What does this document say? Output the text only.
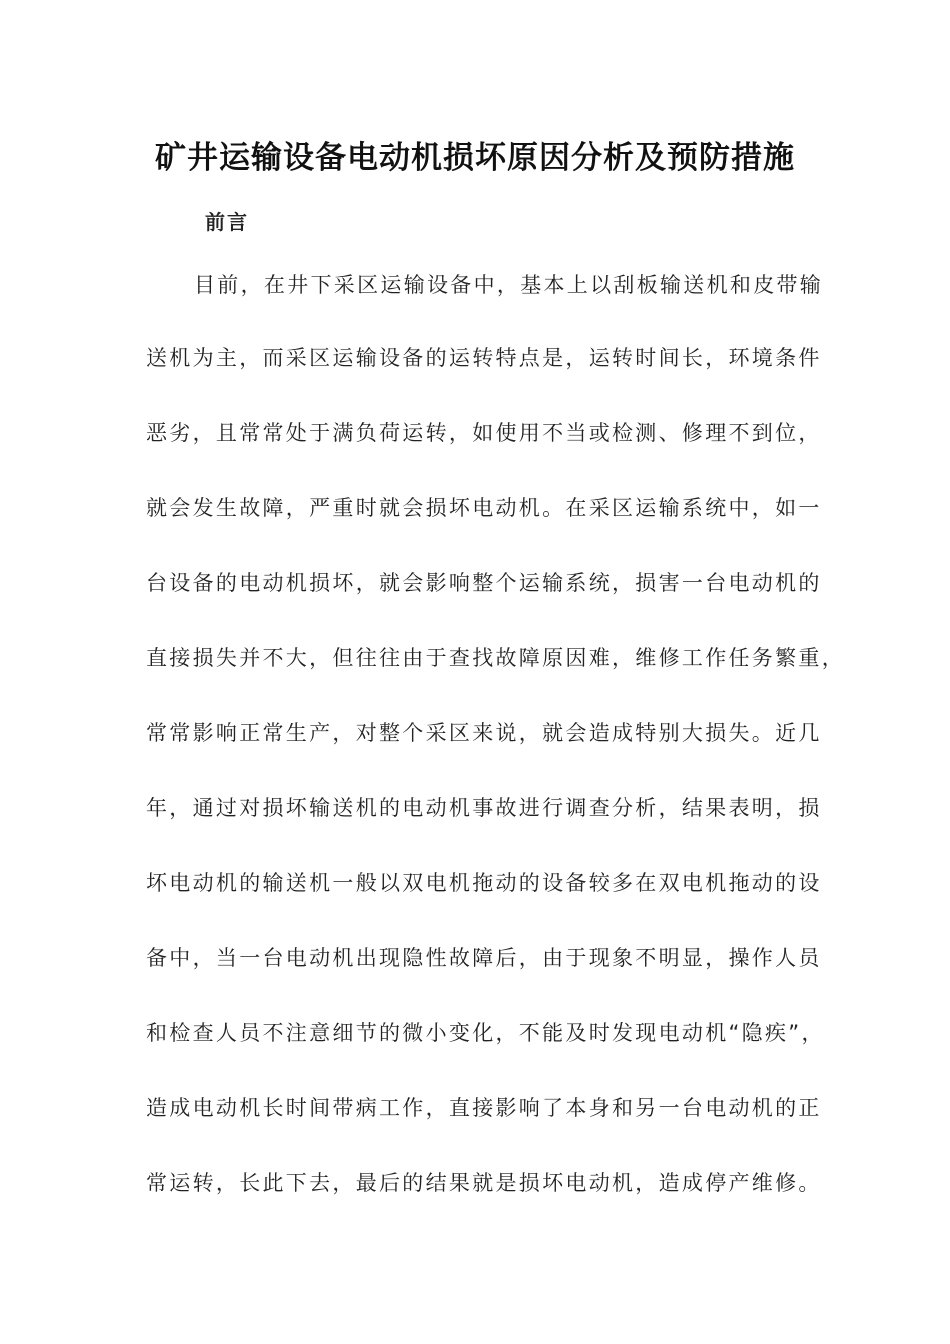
矿井运输设备电动机损坏原因分析及预防措施
前言
目前，在井下采区运输设备中，基本上以刮板输送机和皮带输
送机为主，而采区运输设备的运转特点是，运转时间长，环境条件
恶劣，且常常处于满负荷运转，如使用不当或检测、修理不到位，
就会发生故障，严重时就会损坏电动机。在采区运输系统中，如一
台设备的电动机损坏，就会影响整个运输系统，损害一台电动机的
直接损失并不大，但往往由于查找故障原因难，维修工作任务繁重，
常常影响正常生产，对整个采区来说，就会造成特别大损失。近几
年，通过对损坏输送机的电动机事故进行调查分析，结果表明，损
坏电动机的输送机一般以双电机拖动的设备较多在双电机拖动的设
备中，当一台电动机出现隐性故障后，由于现象不明显，操作人员
和检查人员不注意细节的微小变化，不能及时发现电动机“隐疾”，
造成电动机长时间带病工作，直接影响了本身和另一台电动机的正
常运转，长此下去，最后的结果就是损坏电动机，造成停产维修。
